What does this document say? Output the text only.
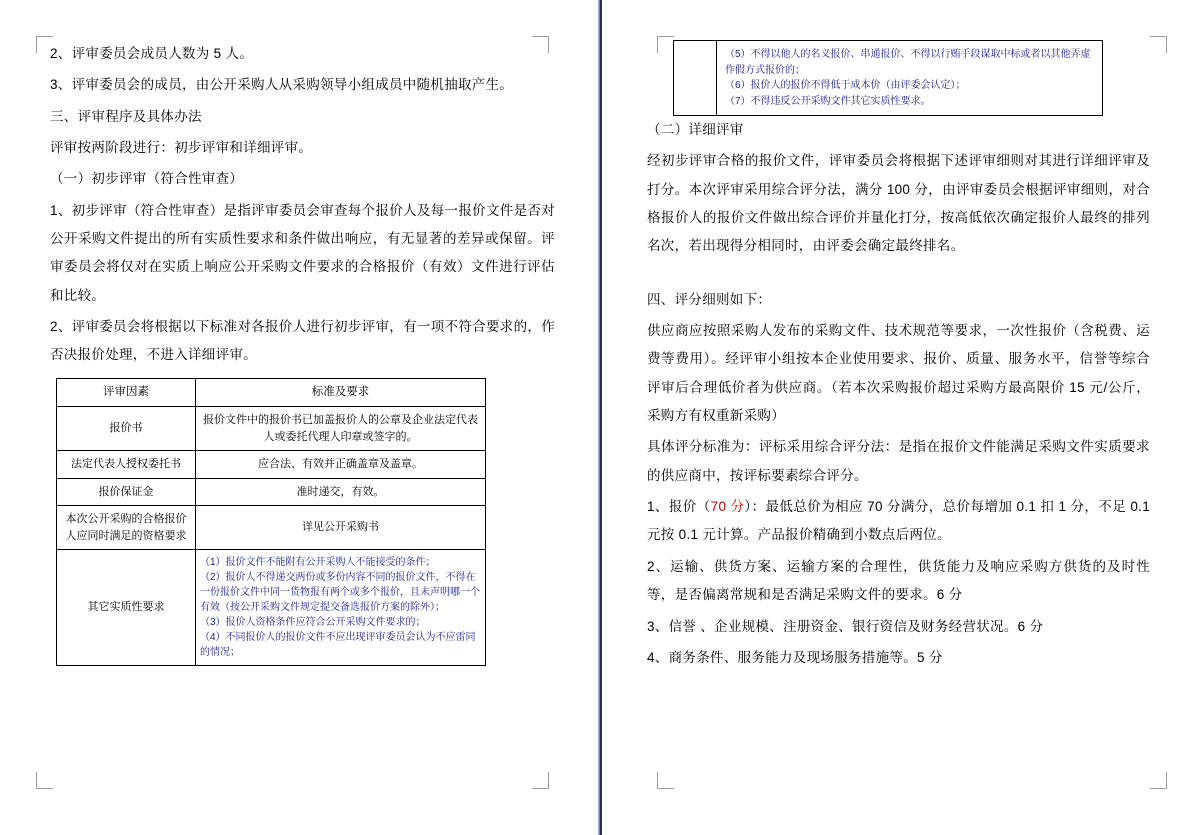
2、评审委员会成员人数为 5 人。

3、评审委员会的成员，由公开采购人从采购领导小组成员中随机抽取产生。

三、评审程序及具体办法

评审按两阶段进行：初步评审和详细评审。

（一）初步评审（符合性审查）

1、初步评审（符合性审查）是指评审委员会审查每个报价人及每一报价文件是否对公开采购文件提出的所有实质性要求和条件做出响应，有无显著的差异或保留。评审委员会将仅对在实质上响应公开采购文件要求的合格报价（有效）文件进行评估和比较。

2、评审委员会将根据以下标准对各报价人进行初步评审，有一项不符合要求的，作否决报价处理，不进入详细评审。

评审因素	标准及要求
报价书	报价文件中的报价书已加盖报价人的公章及企业法定代表人或委托代理人印章或签字的。
法定代表人授权委托书	应合法、有效并正确盖章及盖章。
报价保证金	准时递交，有效。
本次公开采购的合格报价人应同时满足的资格要求	详见公开采购书
其它实质性要求	（1）报价文件不能附有公开采购人不能接受的条件；
（2）报价人不得递交两份或多份内容不同的报价文件，不得在一份报价文件中同一货物报有两个或多个报价，且未声明哪一个有效（按公开采购文件规定提交备选报价方案的除外）；
（3）报价人资格条件应符合公开采购文件要求的；
（4）不同报价人的报价文件不应出现评审委员会认为不应雷同的情况；

（5）不得以他人的名义报价、串通报价、不得以行贿手段谋取中标或者以其他弄虚作假方式报价的；
（6）报价人的报价不得低于成本价（由评委会认定）；
（7）不得违反公开采购文件其它实质性要求。

（二）详细评审

经初步评审合格的报价文件，评审委员会将根据下述评审细则对其进行详细评审及打分。本次评审采用综合评分法，满分 100 分，由评审委员会根据评审细则，对合格报价人的报价文件做出综合评价并量化打分，按高低依次确定报价人最终的排列名次，若出现得分相同时，由评委会确定最终排名。

四、评分细则如下：

供应商应按照采购人发布的采购文件、技术规范等要求，一次性报价（含税费、运费等费用）。经评审小组按本企业使用要求、报价、质量、服务水平，信誉等综合评审后合理低价者为供应商。（若本次采购报价超过采购方最高限价 15 元/公斤，采购方有权重新采购）

具体评分标准为：评标采用综合评分法：是指在报价文件能满足采购文件实质要求的供应商中，按评标要素综合评分。

1、报价（70 分）：最低总价为相应 70 分满分，总价每增加 0.1 扣 1 分，不足 0.1 元按 0.1 元计算。产品报价精确到小数点后两位。

2、运输、供货方案、运输方案的合理性，供货能力及响应采购方供货的及时性等，是否偏离常规和是否满足采购文件的要求。6 分

3、信誉 、企业规模、注册资金、银行资信及财务经营状况。6 分

4、商务条件、服务能力及现场服务措施等。5 分
